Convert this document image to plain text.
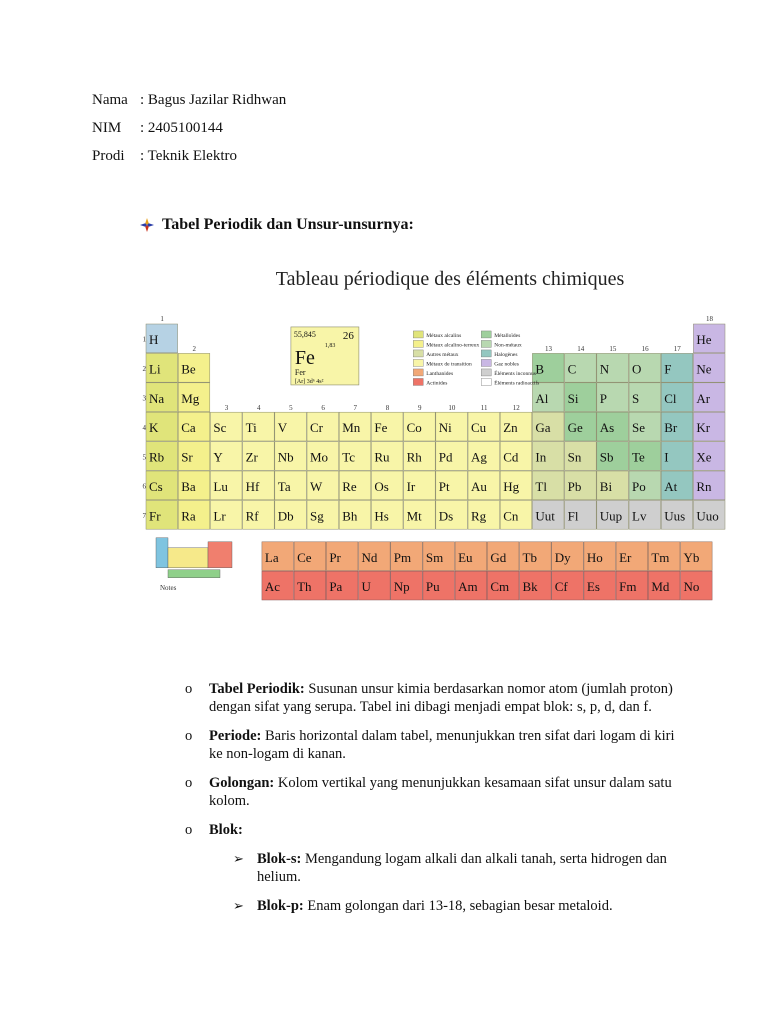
Nama : Bagus Jazilar Ridhwan
NIM	: 2405100144
Prodi	: Teknik Elektro
Tabel Periodik dan Unsur-unsurnya:
Tableau périodique des éléments chimiques
1
2
3	4	5	6	7	8	9	10	11	12
13	14	15	16	17
18
1
2
3
4
5
6
7
H	He
Li Be	B C N O F Ne
Na Mg	Al Si P S Cl Ar
K Ca Sc Ti V Cr Mn Fe Co Ni Cu Zn Ga Ge As Se Br Kr
Rb Sr Y Zr Nb Mo Tc Ru Rh Pd Ag Cd In Sn Sb Te I Xe
Cs Ba Lu Hf Ta W Re Os Ir Pt Au Hg Tl Pb Bi Po At Rn
Fr Ra Lr Rf Db Sg Bh Hs Mt Ds Rg Cn Uut Fl Uup Lv Uus Uuo
55,845 26
1,83
Fe
Fer
[Ar] 3d⁶ 4s²
Métaux alcalins
Métaux alcalino-terreux
Autres métaux
Métaux de transition
Lanthanides
Actinides
Métalloïdes
Non-métaux
Halogènes
Gaz nobles
Éléments inconnus
Éléments radioactifs
La Ce Pr Nd Pm Sm Eu Gd Tb Dy Ho Er Tm Yb
Ac Th Pa U Np Pu Am Cm Bk Cf Es Fm Md No
Notes
o Tabel Periodik: Susunan unsur kimia berdasarkan nomor atom (jumlah proton) dengan sifat yang serupa. Tabel ini dibagi menjadi empat blok: s, p, d, dan f.
o Periode: Baris horizontal dalam tabel, menunjukkan tren sifat dari logam di kiri ke non-logam di kanan.
o Golongan: Kolom vertikal yang menunjukkan kesamaan sifat unsur dalam satu kolom.
o Blok:
➢ Blok-s: Mengandung logam alkali dan alkali tanah, serta hidrogen dan helium.
➢ Blok-p: Enam golongan dari 13-18, sebagian besar metaloid.
